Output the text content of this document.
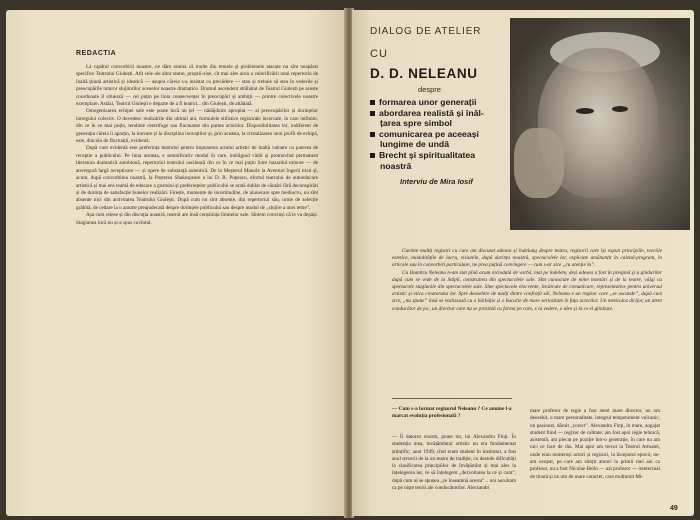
REDACTIA

La capătul convorbirii noastre, ne dăm seama că multe din temele și problemele atacate nu sînt neapărat specifice Teatrului Giulești. Atît cele ale altor teatre, proprii-zise, cît mai ales acea a valorificării unui repertoriu de înaltă ținută artistică și ideatică — asupra căreia s-a insistat cu precădere — stau și trebuie să stea în vederile și preocupările tuturor slujitorilor scenelor noastre dramatice. Drumul ascendent străbătut de Teatrul Giulești pe aceste coordonate îl situează — cel puțin pe linia consecvenței în preocupări și ambiții — printre colectivele noastre exemplare. Astăzi, Teatrul Giulești e departe de a fi teatrul... din Giulești, de altădată.

Omogenizarea echipei sale este poate încă un țel — nădăjduim apropiat — al preocupărilor și dorințelor întregului colectiv. O dovedesc realizările din ultimii ani, formulele stilistice regizorale încercate, în care intîlnim, din ce în ce mai puțin, tendinte centrifuge sau fluctuante din partea actorilor. Disponibilitatea lor, indiferent de generația căreia îi aparțin, la inovare și la disciplina inovațiilor și, prin aceasta, la cristalizarea unui profil de echipă, este, dincolo de fluctuații, evidentă.

După cum evidentă este preferința teatrului pentru impunerea actului artistic de înaltă valoare cu puterea de receptie a publicului. Pe linia aceasta, e semnificativ modul în care, îndrăgind vădit și promovînd permanent literatura dramatică autohtonă, repertoriul teatrului oscilează din ce în ce mai puțin între hazardul minore — de anvergură largă receptivare — și opere de substanță autentică. De la Meșterul Manole la Aventuri îngerii tristi și, acum, după convorbirea noastră, la Poșterea Shakespeare a lui D. R. Popescu, efortul teatrului de autoeducare artistică și mai ens teamă de educare a gustului și preferințelor publicului se arată dublat de căutări fără deconspirări și de dorința de satisfacție bunelor realizări. Firește, momente de incertitudine, de alunecare spre mediocru, nu sînt absente nici din activitatea Teatrului Giulești. După cum nu sînt absente, din repertoriul său, urme de selecție grăbită, de cedare la o anume preajudecată despre dorințele publicului sau despre modul de „slujire a unei teme”.

Așa cum reiese și din discuția noastră, teatrul are însă conștiința limitelor sale. Sîntem convinși că le va depăși. Stagiunea încă nu și-a spus cuvîntul.

DIALOG DE ATELIER
CU
D. D. NELEANU
despre
formarea unor generații
abordarea realistă și înăl-
țarea spre simbol
comunicarea pe aceeași
lungime de undă
Brecht și spiritualitatea
noastră
Interviu de Mira Iosif

Cuvinte multți regizori cu care am discutat adesea și îndelung despre teatru, regizorii care își expun principiile, teoriile estetice, modalitățile de lucru, viziunile, după dorința noastră, spectacolele lor, explicate amănunțit în caietul-program, în articole sau în convorbiri particulare, ne prea puțină convingere — cum s-ar zice „cu atenție la”.

Cu Dumitru Neleanu n-am stat pînă acum niciodată de vorbă, mai pe îndelete, deși adesea a fost în preajmă și a gîndurilor după cum se vede de la Stăpîi, construirea din spectacolele sale. Sînt cunoscute de mine montări și de la teatre, vălgi cu spectacole stagiunile din spectacolele sale. Sine spectacole elocvente, încărcate de comunicare, reprezentative pentru universul artistic și etica creatorului lor. Spre deosebire de mulți dintre confrații săi, Neleanu e un regizor care „se ascunde”, după cum zice, „nu spune” însă se realizează cu o bărbăție și o bucurie de mare seriozitate în fața actorilor. Un meticulos dirijor, un atent conducător de joc, un director care nu se prezintă cu forma pe care, e la vedere, o idee și la ce el gîndește.

— Cum s-a format regizorul Neleanu ? Ce anume l-a marcat evoluția profesională ?

— Îi datorez enorm, poate tot, lui Alexandru Finți. În studenția mea, învățămîntul artistic nu era fundamentat științific; anul 1949, cînd eram student în institutul, a fost anul trecerii de la un teatru de tradiție, cu destule dificultăți la clasificarea principiilor de învățămînt și mai ales la înțelegerea lor, ce să înțelegem „dezvoltarea la ce și cum”, după cum ni se spunea „ce înseamnă acesta”... noi ascultam ca pe niște teorii ale conducătorilor. Alecsandri

mare profesor de regie a fost atent mare director, un om deosebit, o mare personalitate, integrul temperament vulcanic, un pasionat, dăruit „corect”. Alexandru Finți, în mare, angajat student fiind — regizor de calitate; am fost apoi regie tehnică, asistentă, am plecat pe poziție într-o generație, în care nu am nici ce face de rău. Mai apoi am trecut la Teatrul Armatei, unde erau numeroși actori și regizori, la începutul epocii; ne-am ocupat, pe care am simțit atunci la primii mei ani ca profesor, nu a fost Nicolae Belin — azi profesor — intelectual de tinută și un om de mare caracter, care mulțumit Mi-

49
